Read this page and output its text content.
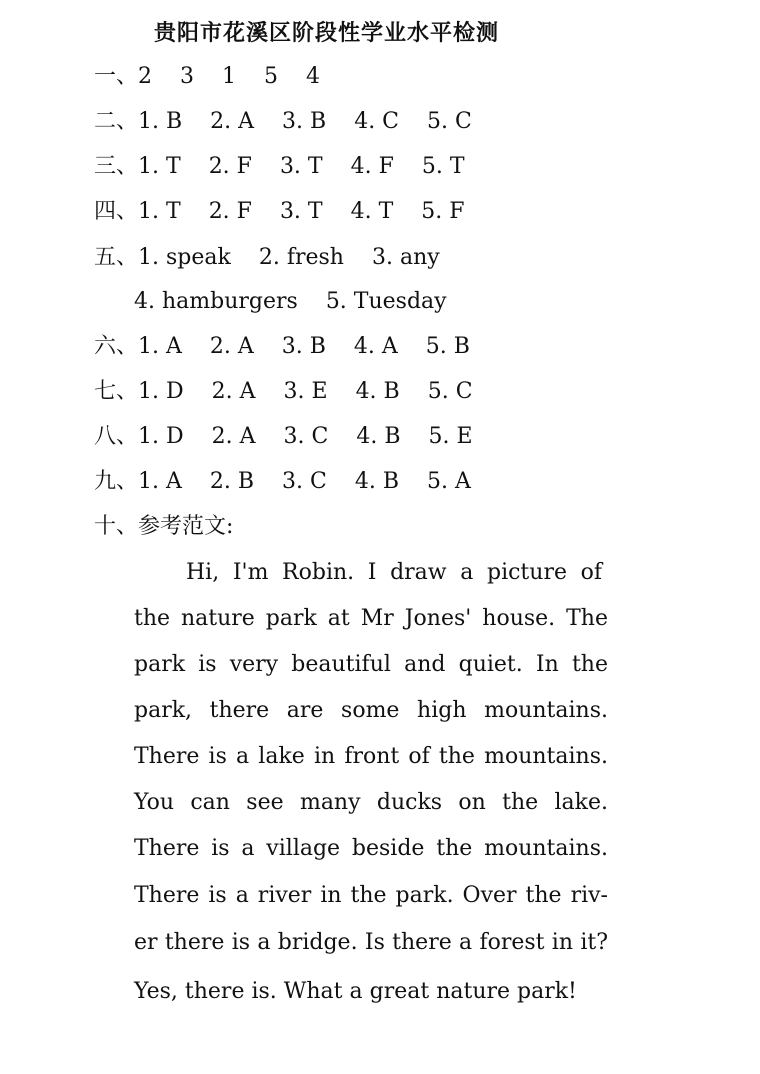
贵阳市花溪区阶段性学业水平检测
一、2 3 1 5 4
二、1. B 2. A 3. B 4. C 5. C
三、1. T 2. F 3. T 4. F 5. T
四、1. T 2. F 3. T 4. T 5. F
五、1. speak 2. fresh 3. any
4. hamburgers 5. Tuesday
六、1. A 2. A 3. B 4. A 5. B
七、1. D 2. A 3. E 4. B 5. C
八、1. D 2. A 3. C 4. B 5. E
九、1. A 2. B 3. C 4. B 5. A
十、参考范文:
Hi, I'm Robin. I draw a picture of
the nature park at Mr Jones' house. The
park is very beautiful and quiet. In the
park, there are some high mountains.
There is a lake in front of the mountains.
You can see many ducks on the lake.
There is a village beside the mountains.
There is a river in the park. Over the riv-
er there is a bridge. Is there a forest in it?
Yes, there is. What a great nature park!
